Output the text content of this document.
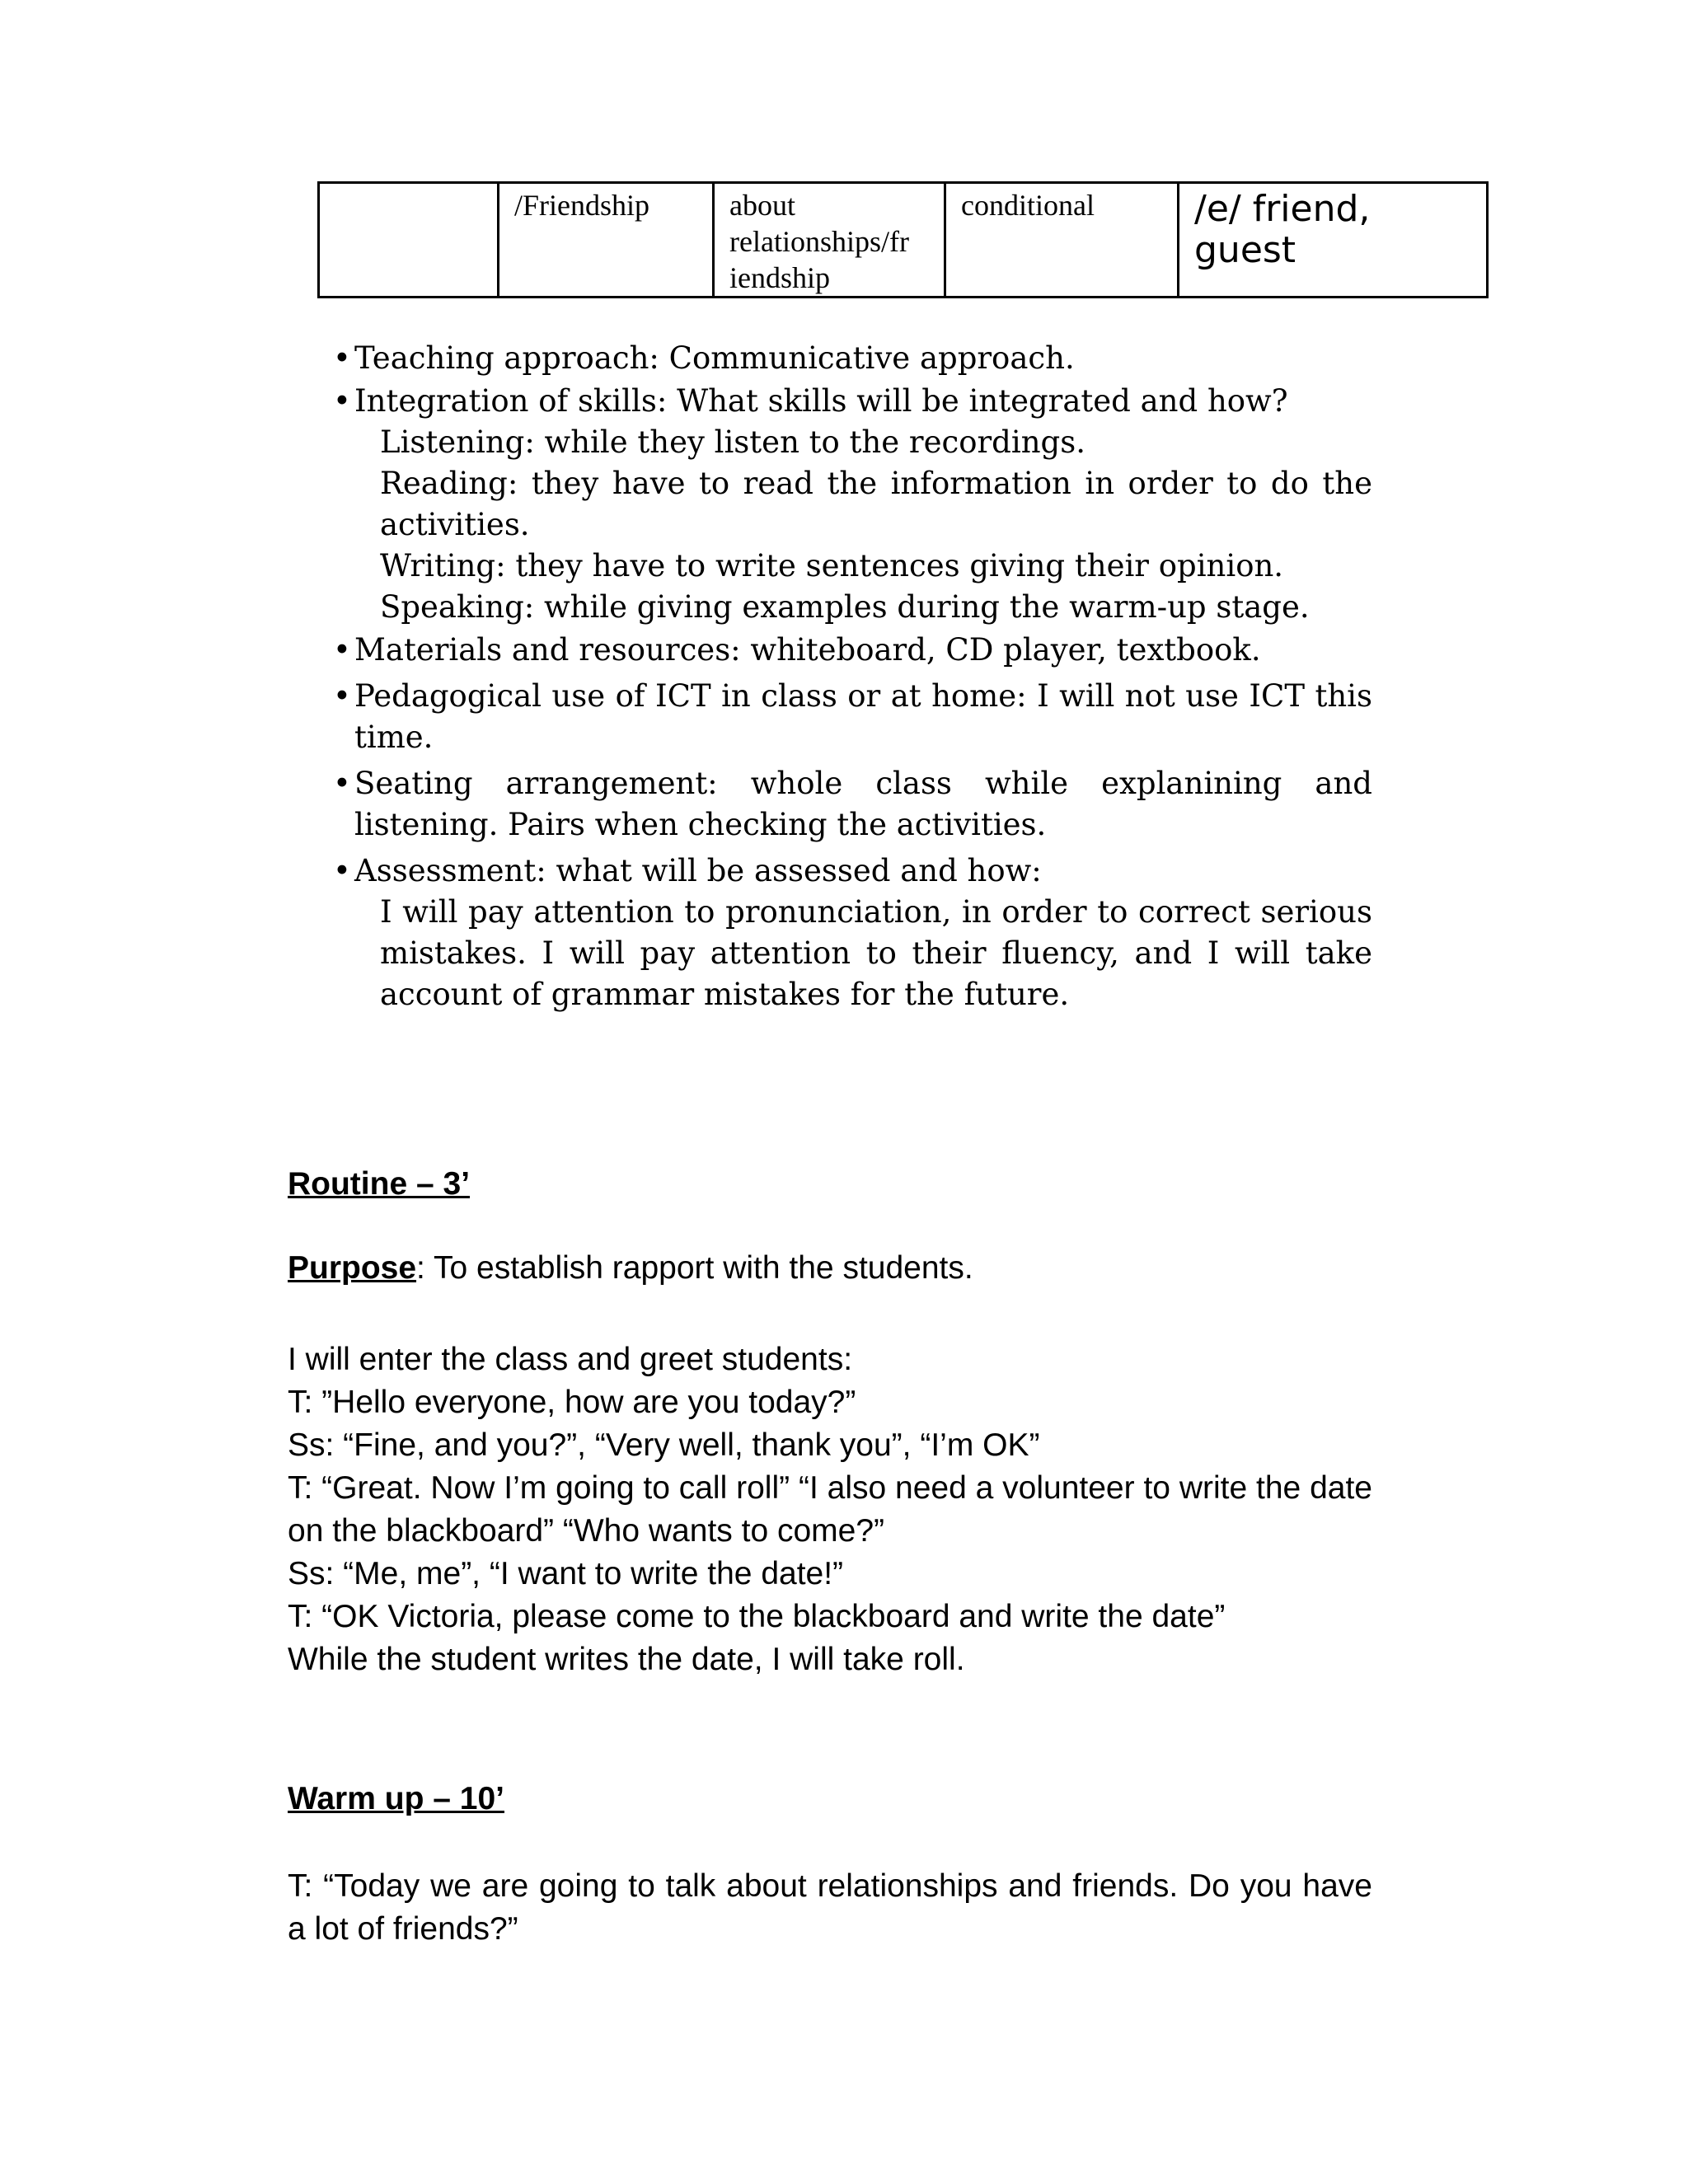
	/Friendship	about relationships/fr iendship	conditional	/e/ friend, guest

• Teaching approach: Communicative approach.

• Integration of skills: What skills will be integrated and how?

Listening: while they listen to the recordings.

Reading: they have to read the information in order to do the activities.

Writing: they have to write sentences giving their opinion.

Speaking: while giving examples during the warm-up stage.

• Materials and resources: whiteboard, CD player, textbook.

• Pedagogical use of ICT in class or at home: I will not use ICT this time.

• Seating arrangement: whole class while explanining and listening. Pairs when checking the activities.

• Assessment: what will be assessed and how:

I will pay attention to pronunciation, in order to correct serious mistakes. I will pay attention to their fluency, and I will take account of grammar mistakes for the future.

Routine – 3’

Purpose: To establish rapport with the students.

I will enter the class and greet students:

T: ”Hello everyone, how are you today?”

Ss: “Fine, and you?”, “Very well, thank you”, “I’m OK”

T: “Great. Now I’m going to call roll” “I also need a volunteer to write the date on the blackboard” “Who wants to come?”

Ss: “Me, me”, “I want to write the date!”

T: “OK Victoria, please come to the blackboard and write the date”

While the student writes the date, I will take roll.

Warm up – 10’

T: “Today we are going to talk about relationships and friends. Do you have a lot of friends?”
